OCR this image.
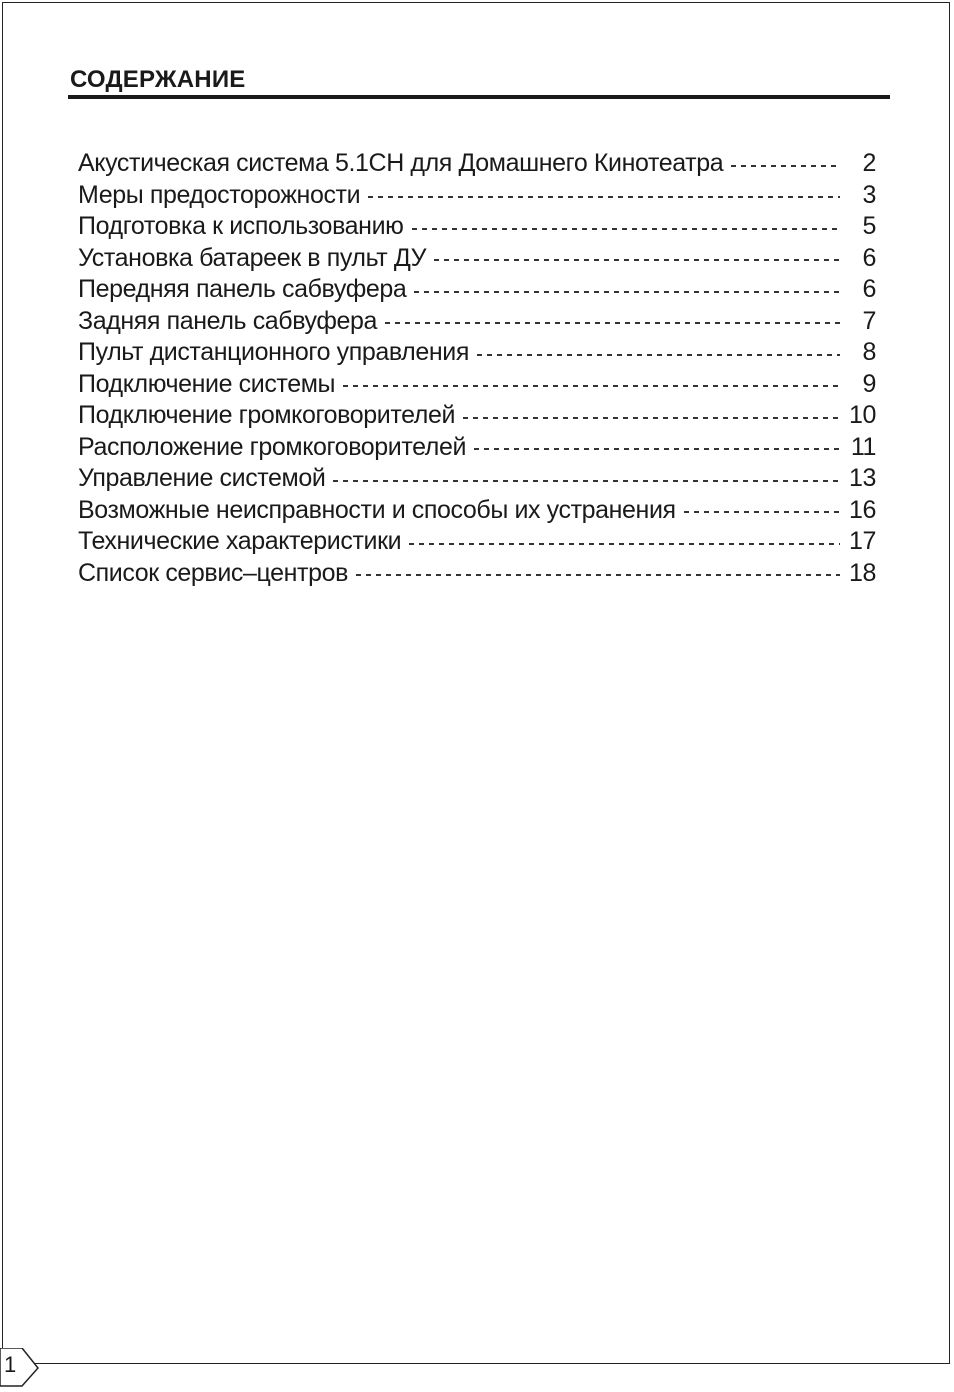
СОДЕРЖАНИЕ
Акустическая система 5.1CH для Домашнего Кинотеатра	2
Меры предосторожности	3
Подготовка к использованию	5
Установка батареек в пульт ДУ	6
Передняя панель сабвуфера	6
Задняя панель сабвуфера	7
Пульт дистанционного управления	8
Подключение системы	9
Подключение громкоговорителей	10
Расположение громкоговорителей	11
Управление системой	13
Возможные неисправности и способы их устранения	16
Технические характеристики	17
Список сервис–центров	18
1
